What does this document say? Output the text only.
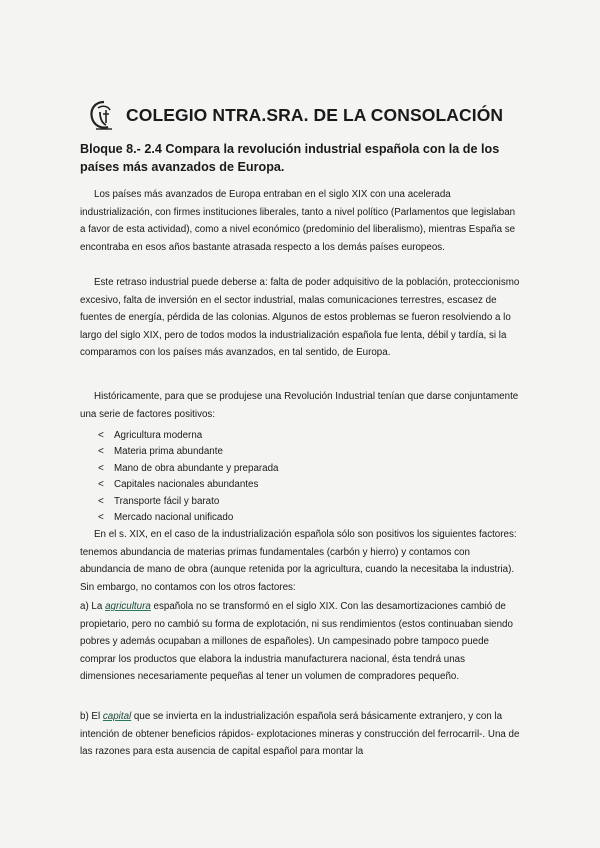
COLEGIO NTRA.SRA. DE LA CONSOLACIÓN
Bloque 8.- 2.4 Compara la revolución industrial española con la de los países más avanzados de Europa.

Los países más avanzados de Europa entraban en el siglo XIX con una acelerada industrialización, con firmes instituciones liberales, tanto a nivel político (Parlamentos que legislaban a favor de esta actividad), como a nivel económico (predominio del liberalismo), mientras España se encontraba en esos años bastante atrasada respecto a los demás países europeos.

Este retraso industrial puede deberse a: falta de poder adquisitivo de la población, proteccionismo excesivo, falta de inversión en el sector industrial, malas comunicaciones terrestres, escasez de fuentes de energía, pérdida de las colonias. Algunos de estos problemas se fueron resolviendo a lo largo del siglo XIX, pero de todos modos la industrialización española fue lenta, débil y tardía, si la comparamos con los países más avanzados, en tal sentido, de Europa.

Históricamente, para que se produjese una Revolución Industrial tenían que darse conjuntamente una serie de factores positivos:

<	Agricultura moderna
<	Materia prima abundante
<	Mano de obra abundante y preparada
<	Capitales nacionales abundantes
<	Transporte fácil y barato
<	Mercado nacional unificado

En el s. XIX, en el caso de la industrialización española sólo son positivos los siguientes factores: tenemos abundancia de materias primas fundamentales (carbón y hierro) y contamos con abundancia de mano de obra (aunque retenida por la agricultura, cuando la necesitaba la industria). Sin embargo, no contamos con los otros factores:

a) La agricultura española no se transformó en el siglo XIX. Con las desamortizaciones cambió de propietario, pero no cambió su forma de explotación, ni sus rendimientos (estos continuaban siendo pobres y además ocupaban a millones de españoles). Un campesinado pobre tampoco puede comprar los productos que elabora la industria manufacturera nacional, ésta tendrá unas dimensiones necesariamente pequeñas al tener un volumen de compradores pequeño.

b) El capital que se invierta en la industrialización española será básicamente extranjero, y con la intención de obtener beneficios rápidos- explotaciones mineras y construcción del ferrocarril-. Una de las razones para esta ausencia de capital español para montar la
